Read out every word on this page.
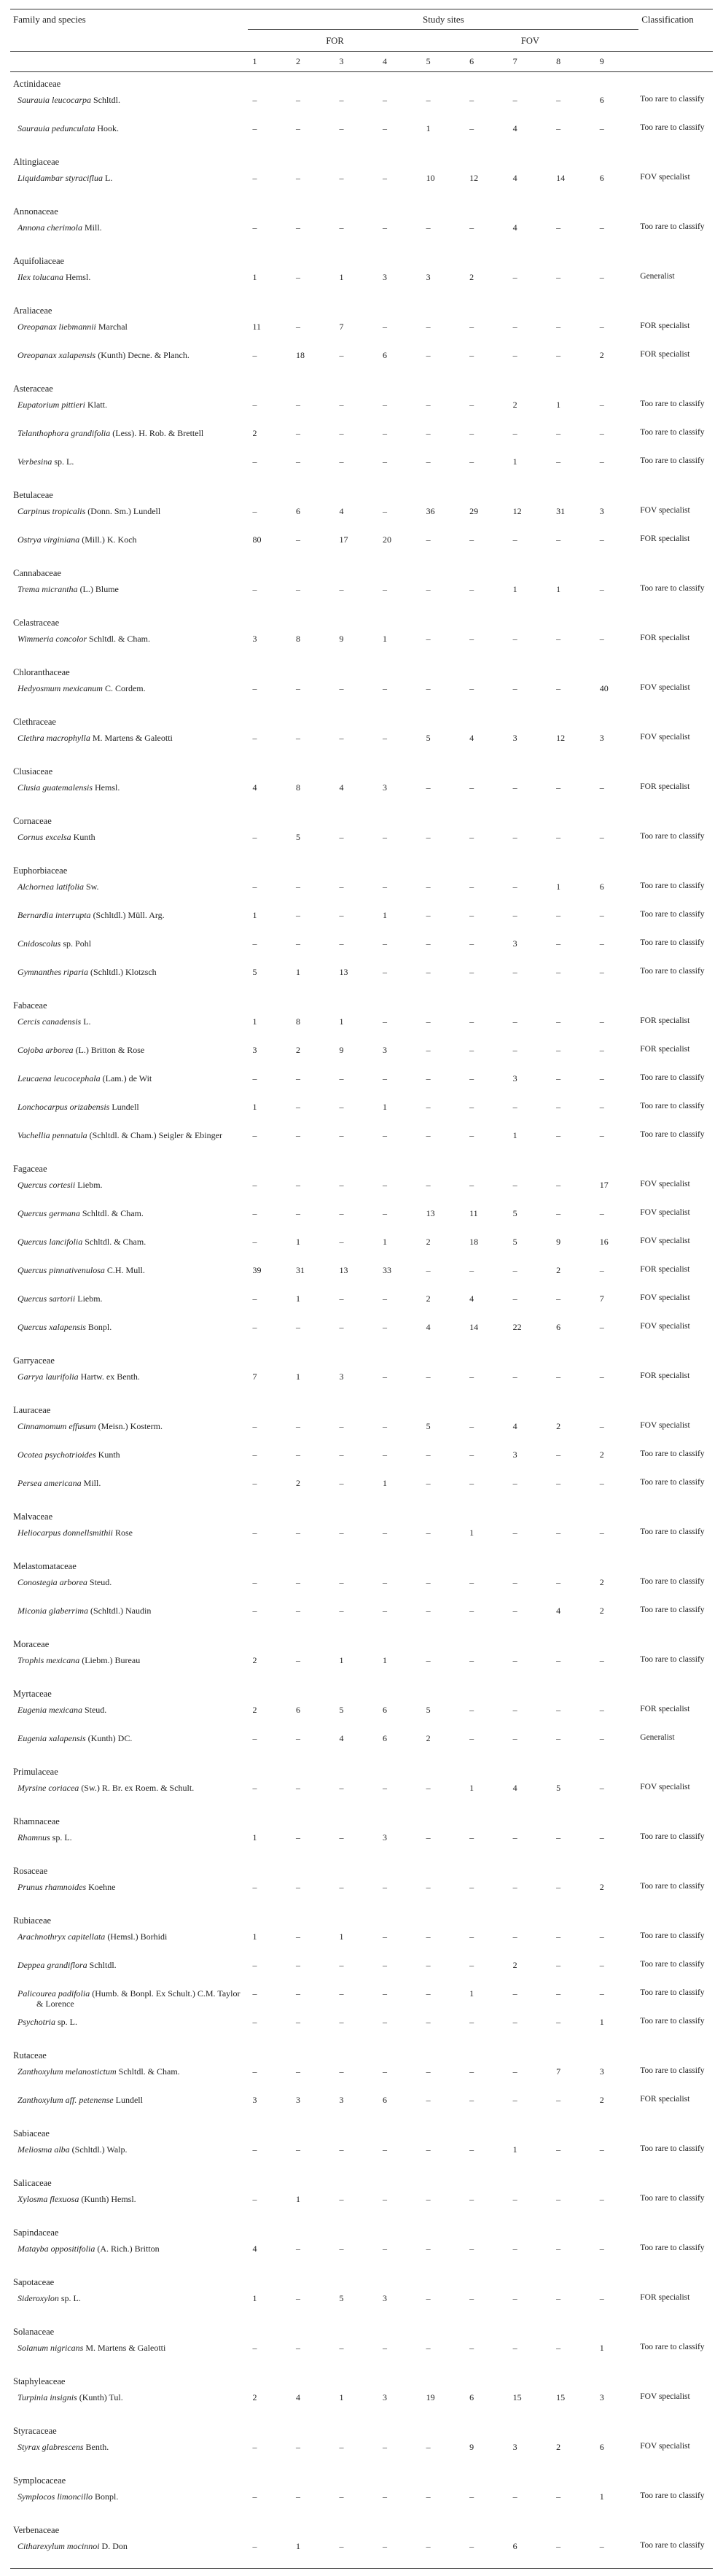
Family and species	Study sites									Classification
	FOR				FOV					
	1	2	3	4	5	6	7	8	9	
Actinidaceae										
Saurauia leucocarpa Schltdl.	–	–	–	–	–	–	–	–	6	Too rare to classify
Saurauia pedunculata Hook.	–	–	–	–	1	–	4	–	–	Too rare to classify
Altingiaceae										
Liquidambar styraciflua L.	–	–	–	–	10	12	4	14	6	FOV specialist
Annonaceae										
Annona cherimola Mill.	–	–	–	–	–	–	4	–	–	Too rare to classify
Aquifoliaceae										
Ilex tolucana Hemsl.	1	–	1	3	3	2	–	–	–	Generalist
Araliaceae										
Oreopanax liebmannii Marchal	11	–	7	–	–	–	–	–	–	FOR specialist
Oreopanax xalapensis (Kunth) Decne. & Planch.	–	18	–	6	–	–	–	–	2	FOR specialist
Asteraceae										
Eupatorium pittieri Klatt.	–	–	–	–	–	–	2	1	–	Too rare to classify
Telanthophora grandifolia (Less). H. Rob. & Brettell	2	–	–	–	–	–	–	–	–	Too rare to classify
Verbesina sp. L.	–	–	–	–	–	–	1	–	–	Too rare to classify
Betulaceae										
Carpinus tropicalis (Donn. Sm.) Lundell	–	6	4	–	36	29	12	31	3	FOV specialist
Ostrya virginiana (Mill.) K. Koch	80	–	17	20	–	–	–	–	–	FOR specialist
Cannabaceae										
Trema micrantha (L.) Blume	–	–	–	–	–	–	1	1	–	Too rare to classify
Celastraceae										
Wimmeria concolor Schltdl. & Cham.	3	8	9	1	–	–	–	–	–	FOR specialist
Chloranthaceae										
Hedyosmum mexicanum C. Cordem.	–	–	–	–	–	–	–	–	40	FOV specialist
Clethraceae										
Clethra macrophylla M. Martens & Galeotti	–	–	–	–	5	4	3	12	3	FOV specialist
Clusiaceae										
Clusia guatemalensis Hemsl.	4	8	4	3	–	–	–	–	–	FOR specialist
Cornaceae										
Cornus excelsa Kunth	–	5	–	–	–	–	–	–	–	Too rare to classify
Euphorbiaceae										
Alchornea latifolia Sw.	–	–	–	–	–	–	–	1	6	Too rare to classify
Bernardia interrupta (Schltdl.) Müll. Arg.	1	–	–	1	–	–	–	–	–	Too rare to classify
Cnidoscolus sp. Pohl	–	–	–	–	–	–	3	–	–	Too rare to classify
Gymnanthes riparia (Schltdl.) Klotzsch	5	1	13	–	–	–	–	–	–	Too rare to classify
Fabaceae										
Cercis canadensis L.	1	8	1	–	–	–	–	–	–	FOR specialist
Cojoba arborea (L.) Britton & Rose	3	2	9	3	–	–	–	–	–	FOR specialist
Leucaena leucocephala (Lam.) de Wit	–	–	–	–	–	–	3	–	–	Too rare to classify
Lonchocarpus orizabensis Lundell	1	–	–	1	–	–	–	–	–	Too rare to classify
Vachellia pennatula (Schltdl. & Cham.) Seigler & Ebinger	–	–	–	–	–	–	1	–	–	Too rare to classify
Fagaceae										
Quercus cortesii Liebm.	–	–	–	–	–	–	–	–	17	FOV specialist
Quercus germana Schltdl. & Cham.	–	–	–	–	13	11	5	–	–	FOV specialist
Quercus lancifolia Schltdl. & Cham.	–	1	–	1	2	18	5	9	16	FOV specialist
Quercus pinnativenulosa C.H. Mull.	39	31	13	33	–	–	–	2	–	FOR specialist
Quercus sartorii Liebm.	–	1	–	–	2	4	–	–	7	FOV specialist
Quercus xalapensis Bonpl.	–	–	–	–	4	14	22	6	–	FOV specialist
Garryaceae										
Garrya laurifolia Hartw. ex Benth.	7	1	3	–	–	–	–	–	–	FOR specialist
Lauraceae										
Cinnamomum effusum (Meisn.) Kosterm.	–	–	–	–	5	–	4	2	–	FOV specialist
Ocotea psychotrioides Kunth	–	–	–	–	–	–	3	–	2	Too rare to classify
Persea americana Mill.	–	2	–	1	–	–	–	–	–	Too rare to classify
Malvaceae										
Heliocarpus donnellsmithii Rose	–	–	–	–	–	1	–	–	–	Too rare to classify
Melastomataceae										
Conostegia arborea Steud.	–	–	–	–	–	–	–	–	2	Too rare to classify
Miconia glaberrima (Schltdl.) Naudin	–	–	–	–	–	–	–	4	2	Too rare to classify
Moraceae										
Trophis mexicana (Liebm.) Bureau	2	–	1	1	–	–	–	–	–	Too rare to classify
Myrtaceae										
Eugenia mexicana Steud.	2	6	5	6	5	–	–	–	–	FOR specialist
Eugenia xalapensis (Kunth) DC.	–	–	4	6	2	–	–	–	–	Generalist
Primulaceae										
Myrsine coriacea (Sw.) R. Br. ex Roem. & Schult.	–	–	–	–	–	1	4	5	–	FOV specialist
Rhamnaceae										
Rhamnus sp. L.	1	–	–	3	–	–	–	–	–	Too rare to classify
Rosaceae										
Prunus rhamnoides Koehne	–	–	–	–	–	–	–	–	2	Too rare to classify
Rubiaceae										
Arachnothryx capitellata (Hemsl.) Borhidi	1	–	1	–	–	–	–	–	–	Too rare to classify
Deppea grandiflora Schltdl.	–	–	–	–	–	–	2	–	–	Too rare to classify
Palicourea padifolia (Humb. & Bonpl. Ex Schult.) C.M. Taylor & Lorence	–	–	–	–	–	1	–	–	–	Too rare to classify
Psychotria sp. L.	–	–	–	–	–	–	–	–	1	Too rare to classify
Rutaceae										
Zanthoxylum melanostictum Schltdl. & Cham.	–	–	–	–	–	–	–	7	3	Too rare to classify
Zanthoxylum aff. petenense Lundell	3	3	3	6	–	–	–	–	2	FOR specialist
Sabiaceae										
Meliosma alba (Schltdl.) Walp.	–	–	–	–	–	–	1	–	–	Too rare to classify
Salicaceae										
Xylosma flexuosa (Kunth) Hemsl.	–	1	–	–	–	–	–	–	–	Too rare to classify
Sapindaceae										
Matayba oppositifolia (A. Rich.) Britton	4	–	–	–	–	–	–	–	–	Too rare to classify
Sapotaceae										
Sideroxylon sp. L.	1	–	5	3	–	–	–	–	–	FOR specialist
Solanaceae										
Solanum nigricans M. Martens & Galeotti	–	–	–	–	–	–	–	–	1	Too rare to classify
Staphyleaceae										
Turpinia insignis (Kunth) Tul.	2	4	1	3	19	6	15	15	3	FOV specialist
Styracaceae										
Styrax glabrescens Benth.	–	–	–	–	–	9	3	2	6	FOV specialist
Symplocaceae										
Symplocos limoncillo Bonpl.	–	–	–	–	–	–	–	–	1	Too rare to classify
Verbenaceae										
Citharexylum mocinnoi D. Don	–	1	–	–	–	–	6	–	–	Too rare to classify
